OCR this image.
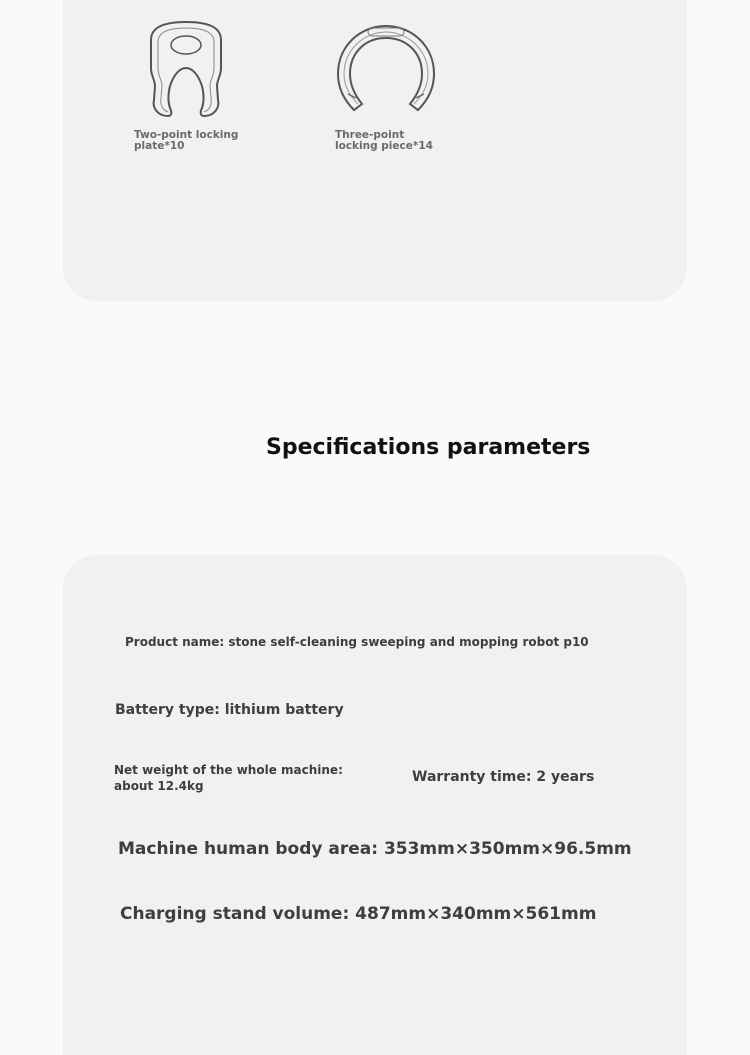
Two-point locking plate*10
Three-point locking piece*14
Specifications parameters
Product name: stone self-cleaning sweeping and mopping robot p10
Battery type: lithium battery
Net weight of the whole machine: about 12.4kg
Warranty time: 2 years
Machine human body area: 353mm×350mm×96.5mm
Charging stand volume: 487mm×340mm×561mm
